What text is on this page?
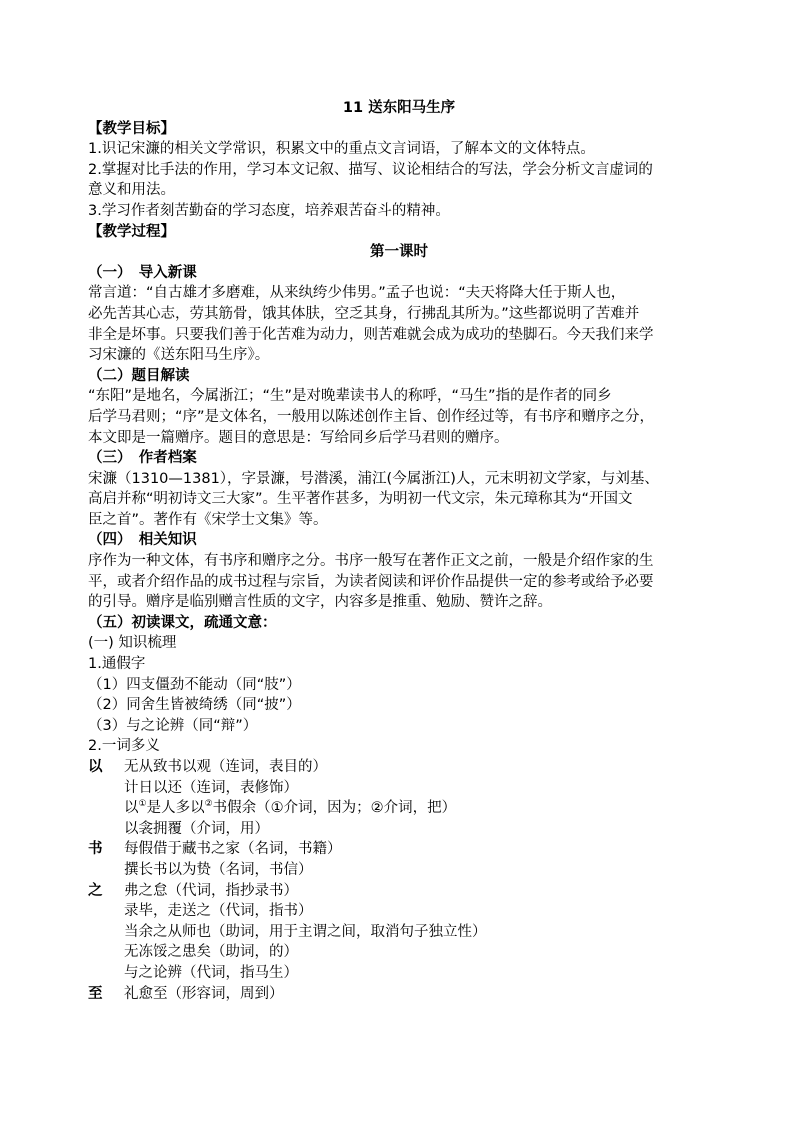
11 送东阳马生序
【教学目标】
1.识记宋濂的相关文学常识，积累文中的重点文言词语，了解本文的文体特点。
2.掌握对比手法的作用，学习本文记叙、描写、议论相结合的写法，学会分析文言虚词的
意义和用法。
3.学习作者刻苦勤奋的学习态度，培养艰苦奋斗的精神。
【教学过程】
第一课时
（一）　导入新课
常言道：“自古雄才多磨难，从来纨绔少伟男。”孟子也说：“夫天将降大任于斯人也，
必先苦其心志，劳其筋骨，饿其体肤，空乏其身，行拂乱其所为。”这些都说明了苦难并
非全是坏事。只要我们善于化苦难为动力，则苦难就会成为成功的垫脚石。今天我们来学
习宋濂的《送东阳马生序》。
（二）题目解读
“东阳”是地名，今属浙江；“生”是对晚辈读书人的称呼，“马生”指的是作者的同乡
后学马君则；“序”是文体名，一般用以陈述创作主旨、创作经过等，有书序和赠序之分，
本文即是一篇赠序。题目的意思是：写给同乡后学马君则的赠序。
（三）　作者档案
宋濂（1310—1381），字景濂，号潜溪，浦江(今属浙江)人，元末明初文学家，与刘基、
高启并称“明初诗文三大家”。生平著作甚多，为明初一代文宗，朱元璋称其为“开国文
臣之首”。著作有《宋学士文集》等。
（四）　相关知识
序作为一种文体，有书序和赠序之分。书序一般写在著作正文之前，一般是介绍作家的生
平，或者介绍作品的成书过程与宗旨，为读者阅读和评价作品提供一定的参考或给予必要
的引导。赠序是临别赠言性质的文字，内容多是推重、勉励、赞许之辞。
（五）初读课文，疏通文意：
(一) 知识梳理
1.通假字
（1）四支僵劲不能动（同“肢”）
（2）同舍生皆被绮绣（同“披”）
（3）与之论辨（同“辩”）
2.一词多义
以	无从致书以观（连词，表目的）
计日以还（连词，表修饰）
以①是人多以②书假余（①介词，因为；②介词，把）
以衾拥覆（介词，用）
书	每假借于藏书之家（名词，书籍）
撰长书以为贽（名词，书信）
之	弗之怠（代词，指抄录书）
录毕，走送之（代词，指书）
当余之从师也（助词，用于主谓之间，取消句子独立性）
无冻馁之患矣（助词，的）
与之论辨（代词，指马生）
至	礼愈至（形容词，周到）
